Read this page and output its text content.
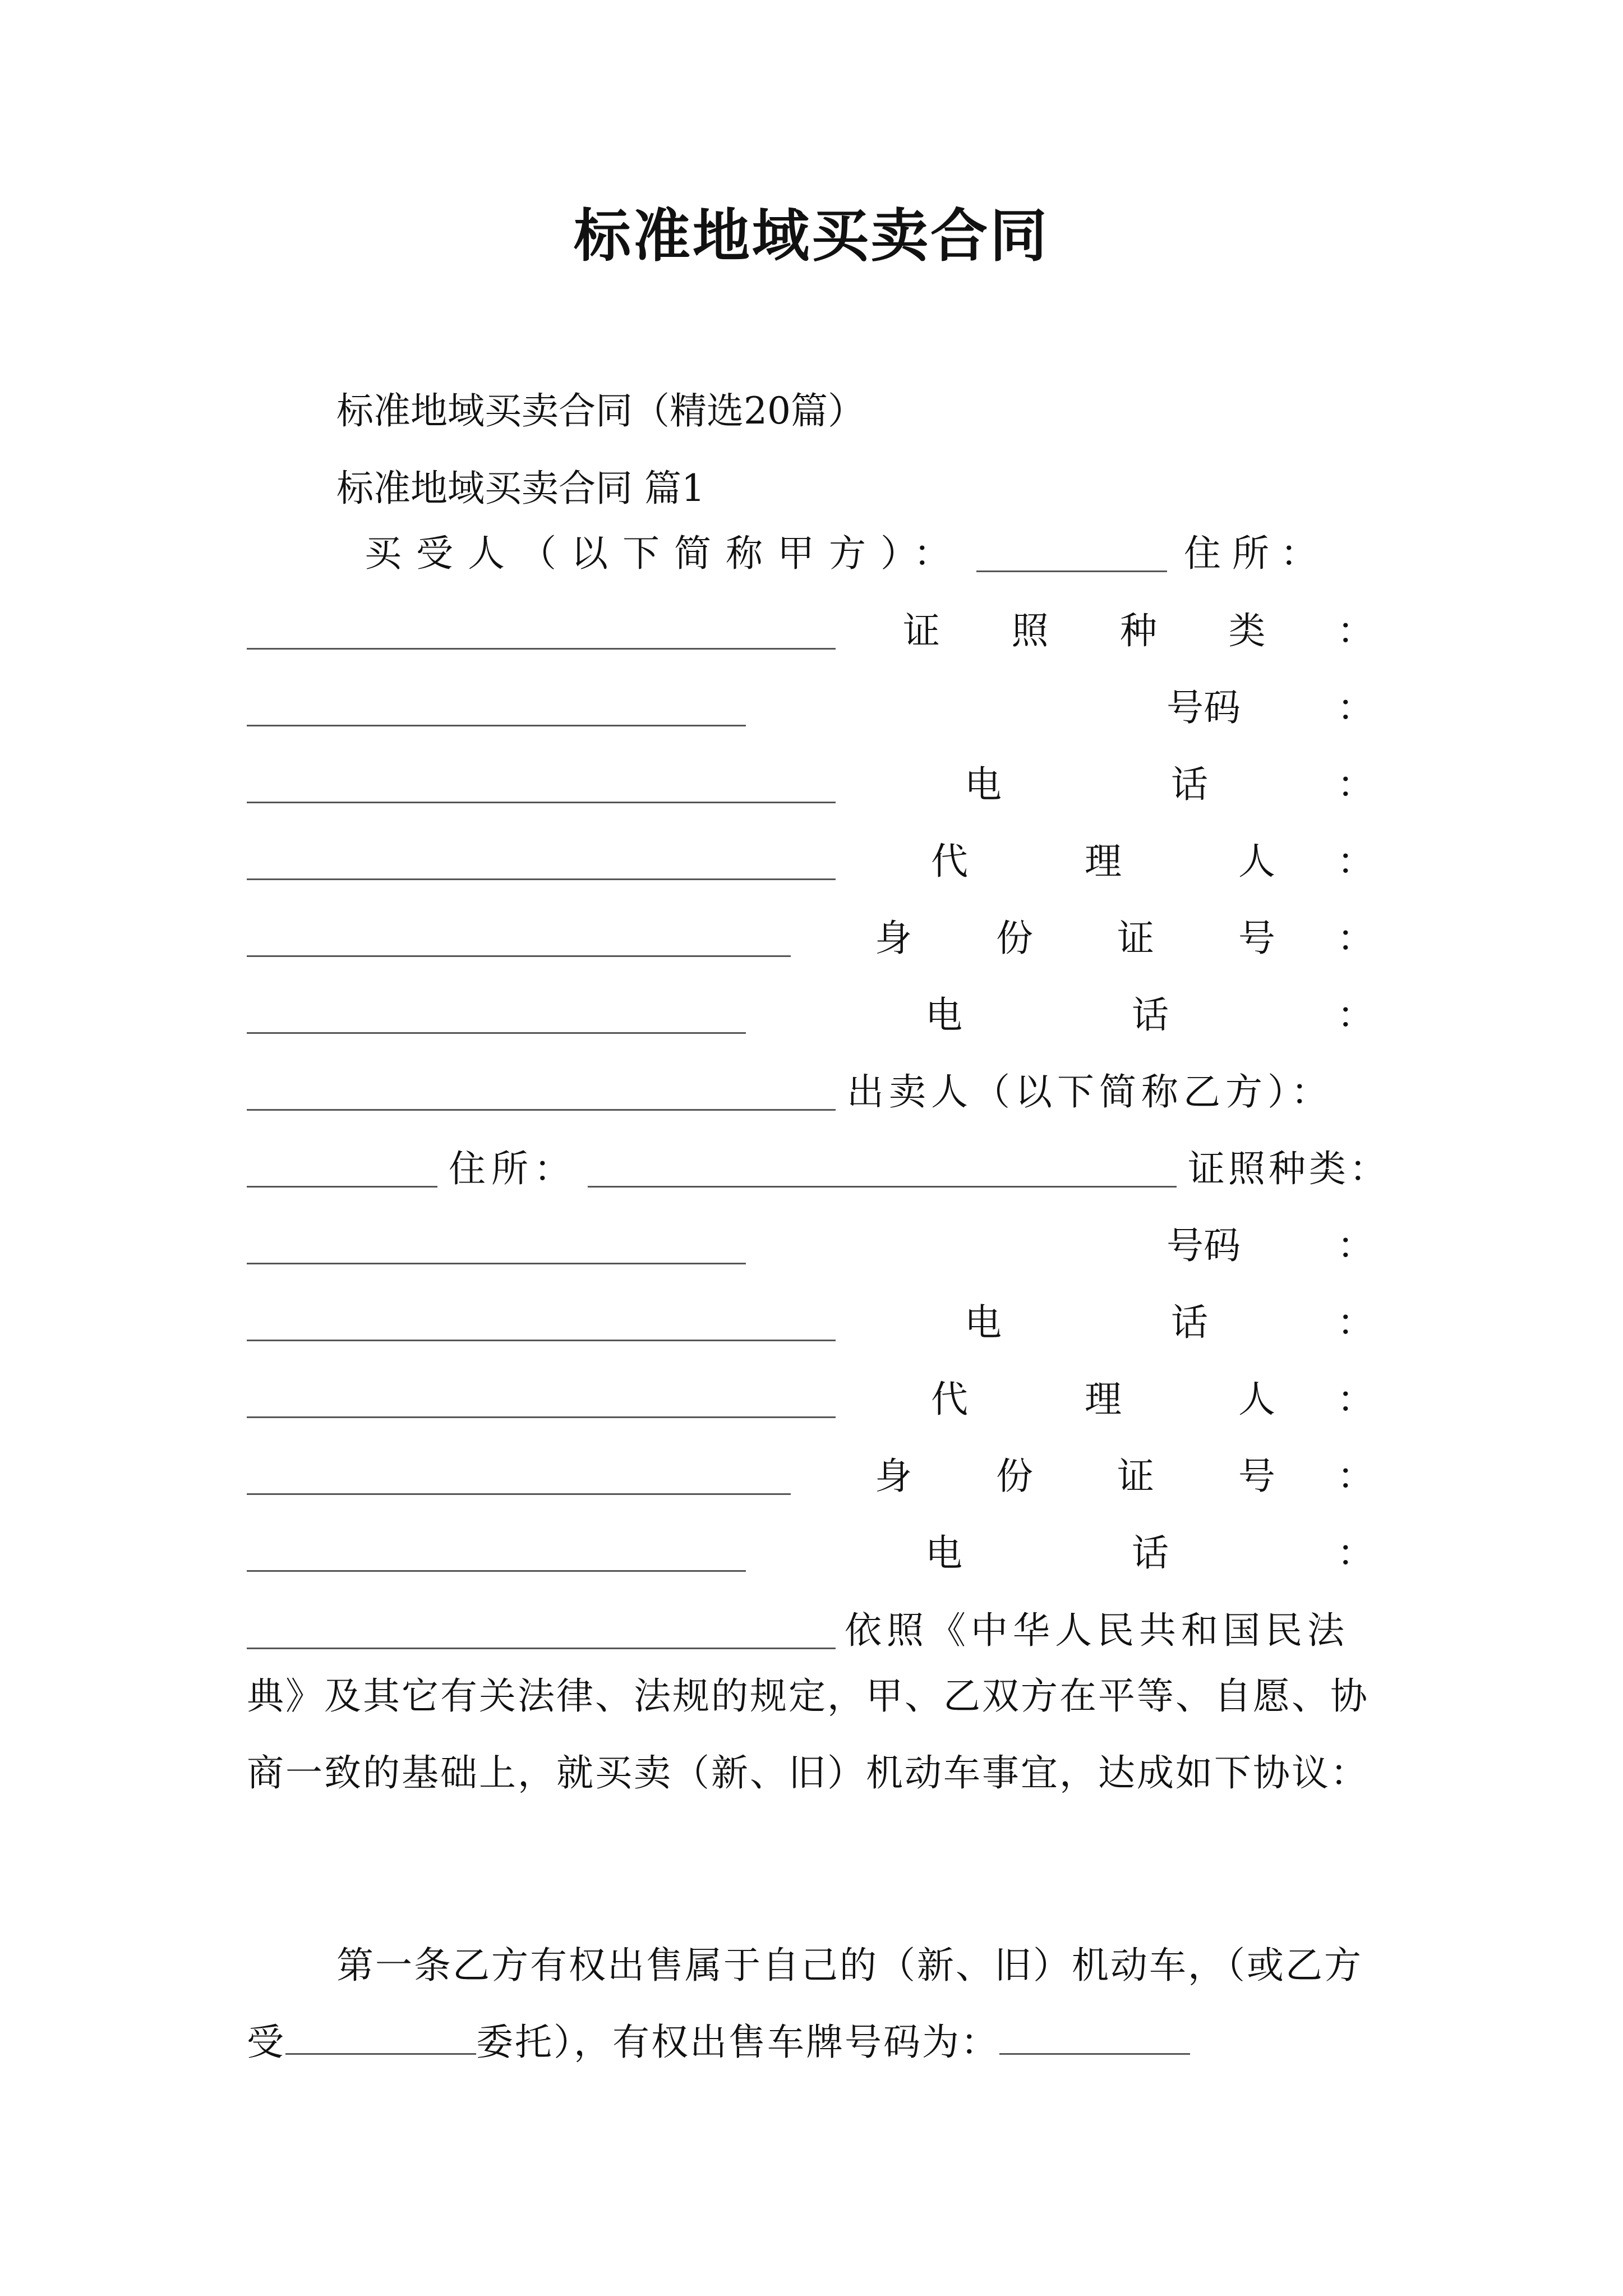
标准地域买卖合同
标准地域买卖合同（精选20篇）
标准地域买卖合同 篇1
买受人（以下简称甲方）：	住所：
证 照 种 类 ：
号 码	：
电	话	：
代	理	人 ：
身 份 证 号 ：
电	话	：
出卖人（以下简称乙方）：
住所：	证照种类：
号 码	：
电	话	：
代	理	人 ：
身 份 证 号 ：
电	话	：
依照《中华人民共和国民法
典》及其它有关法律、法规的规定，甲、乙双方在平等、自愿、协商一致的基础上，就买卖（新、旧）机动车事宜，达成如下协议：
第一条乙方有权出售属于自己的（新、旧）机动车，（或乙方受	委托），有权出售车牌号码为：
